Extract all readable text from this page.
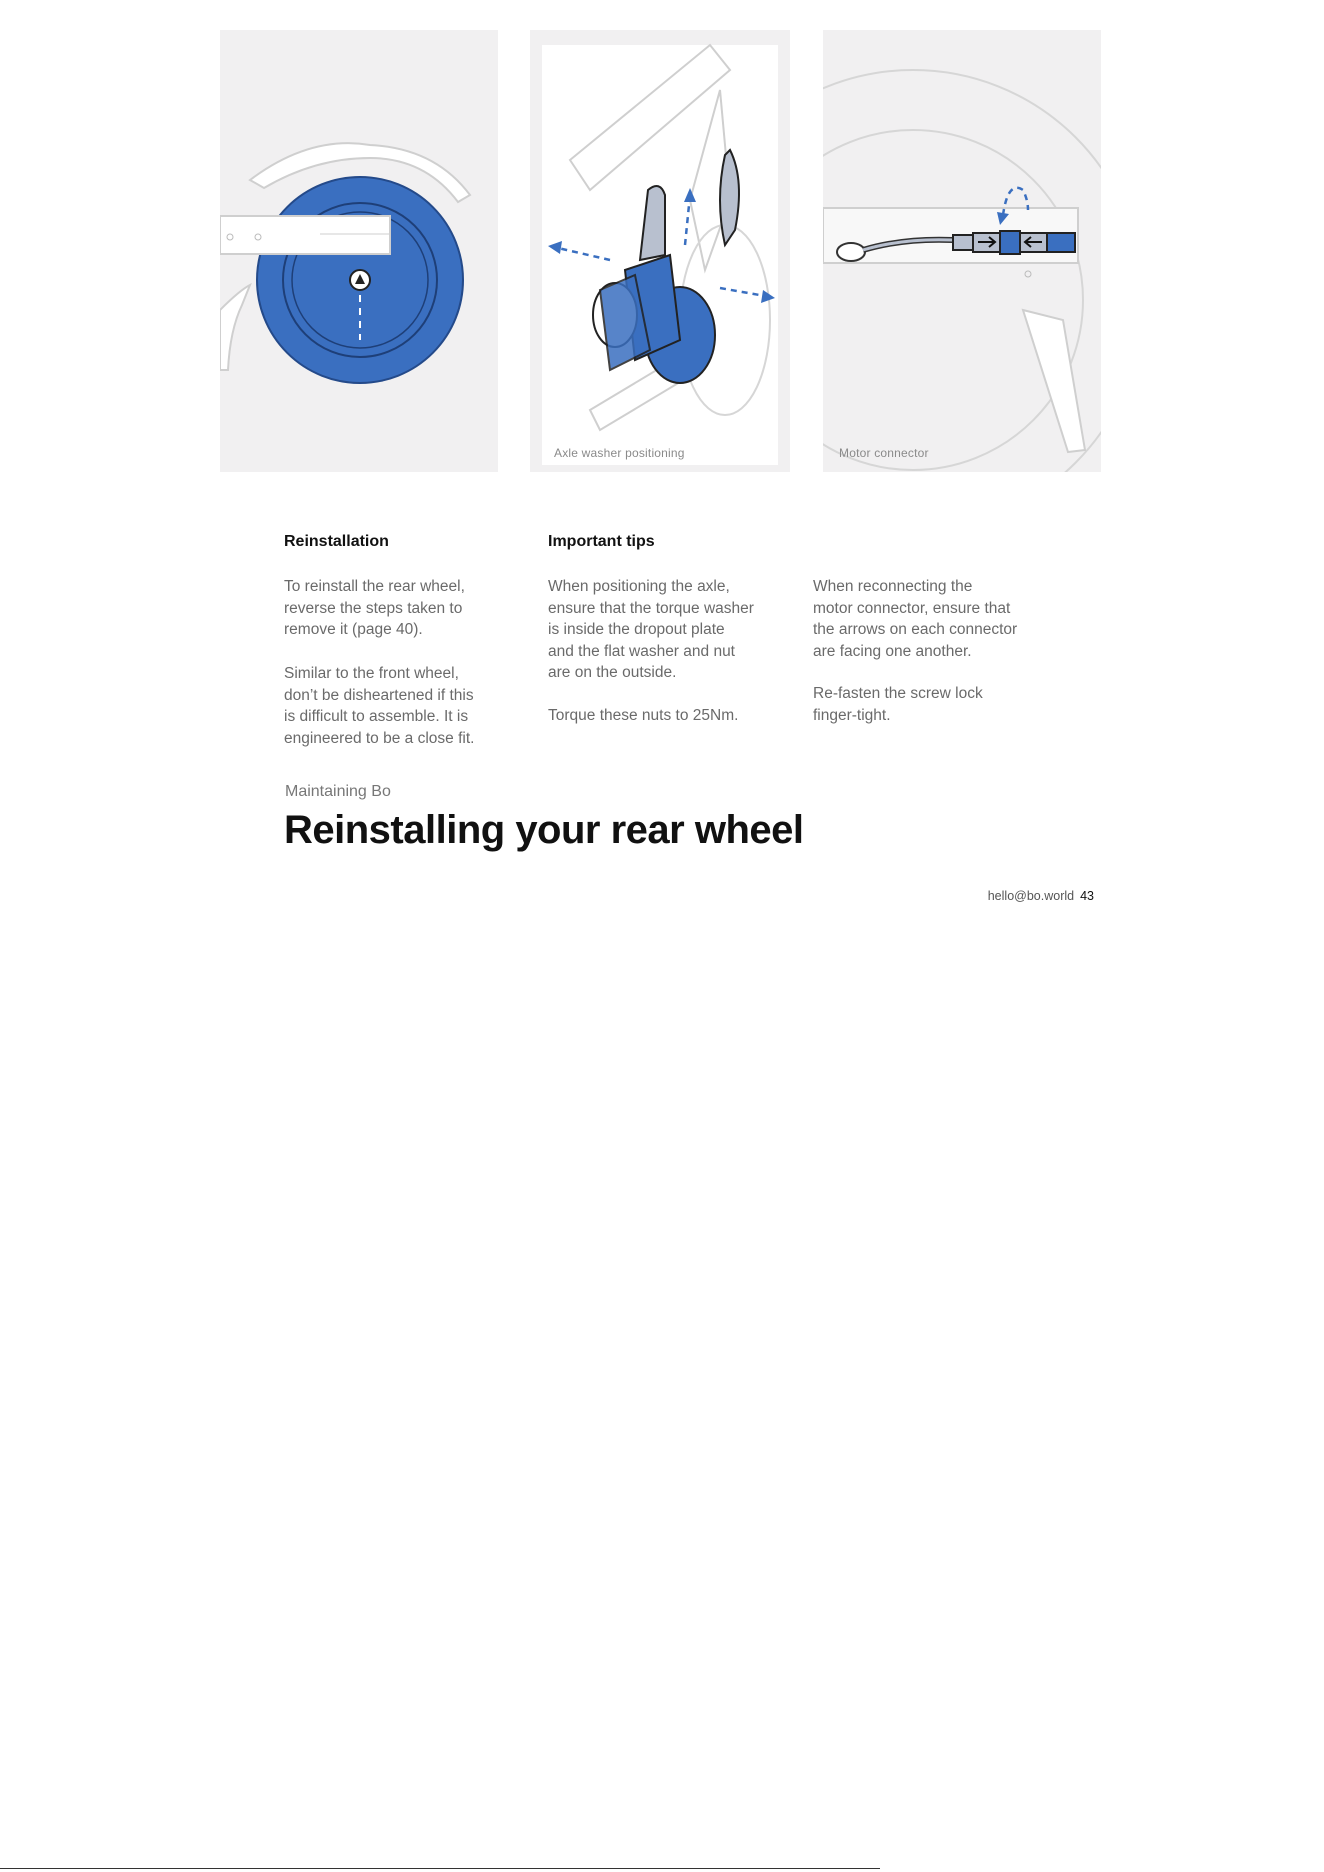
Axle washer positioning	Motor connector
Reinstallation
To reinstall the rear wheel,
reverse the steps taken to
remove it (page 40).
Similar to the front wheel,
don’t be disheartened if this
is difficult to assemble. It is
engineered to be a close fit.
Important tips
When positioning the axle,
ensure that the torque washer
is inside the dropout plate
and the flat washer and nut
are on the outside.
Torque these nuts to 25Nm.
When reconnecting the
motor connector, ensure that
the arrows on each connector
are facing one another.
Re-fasten the screw lock
finger-tight.
Maintaining Bo
Reinstalling your rear wheel
hello@bo.world 43
